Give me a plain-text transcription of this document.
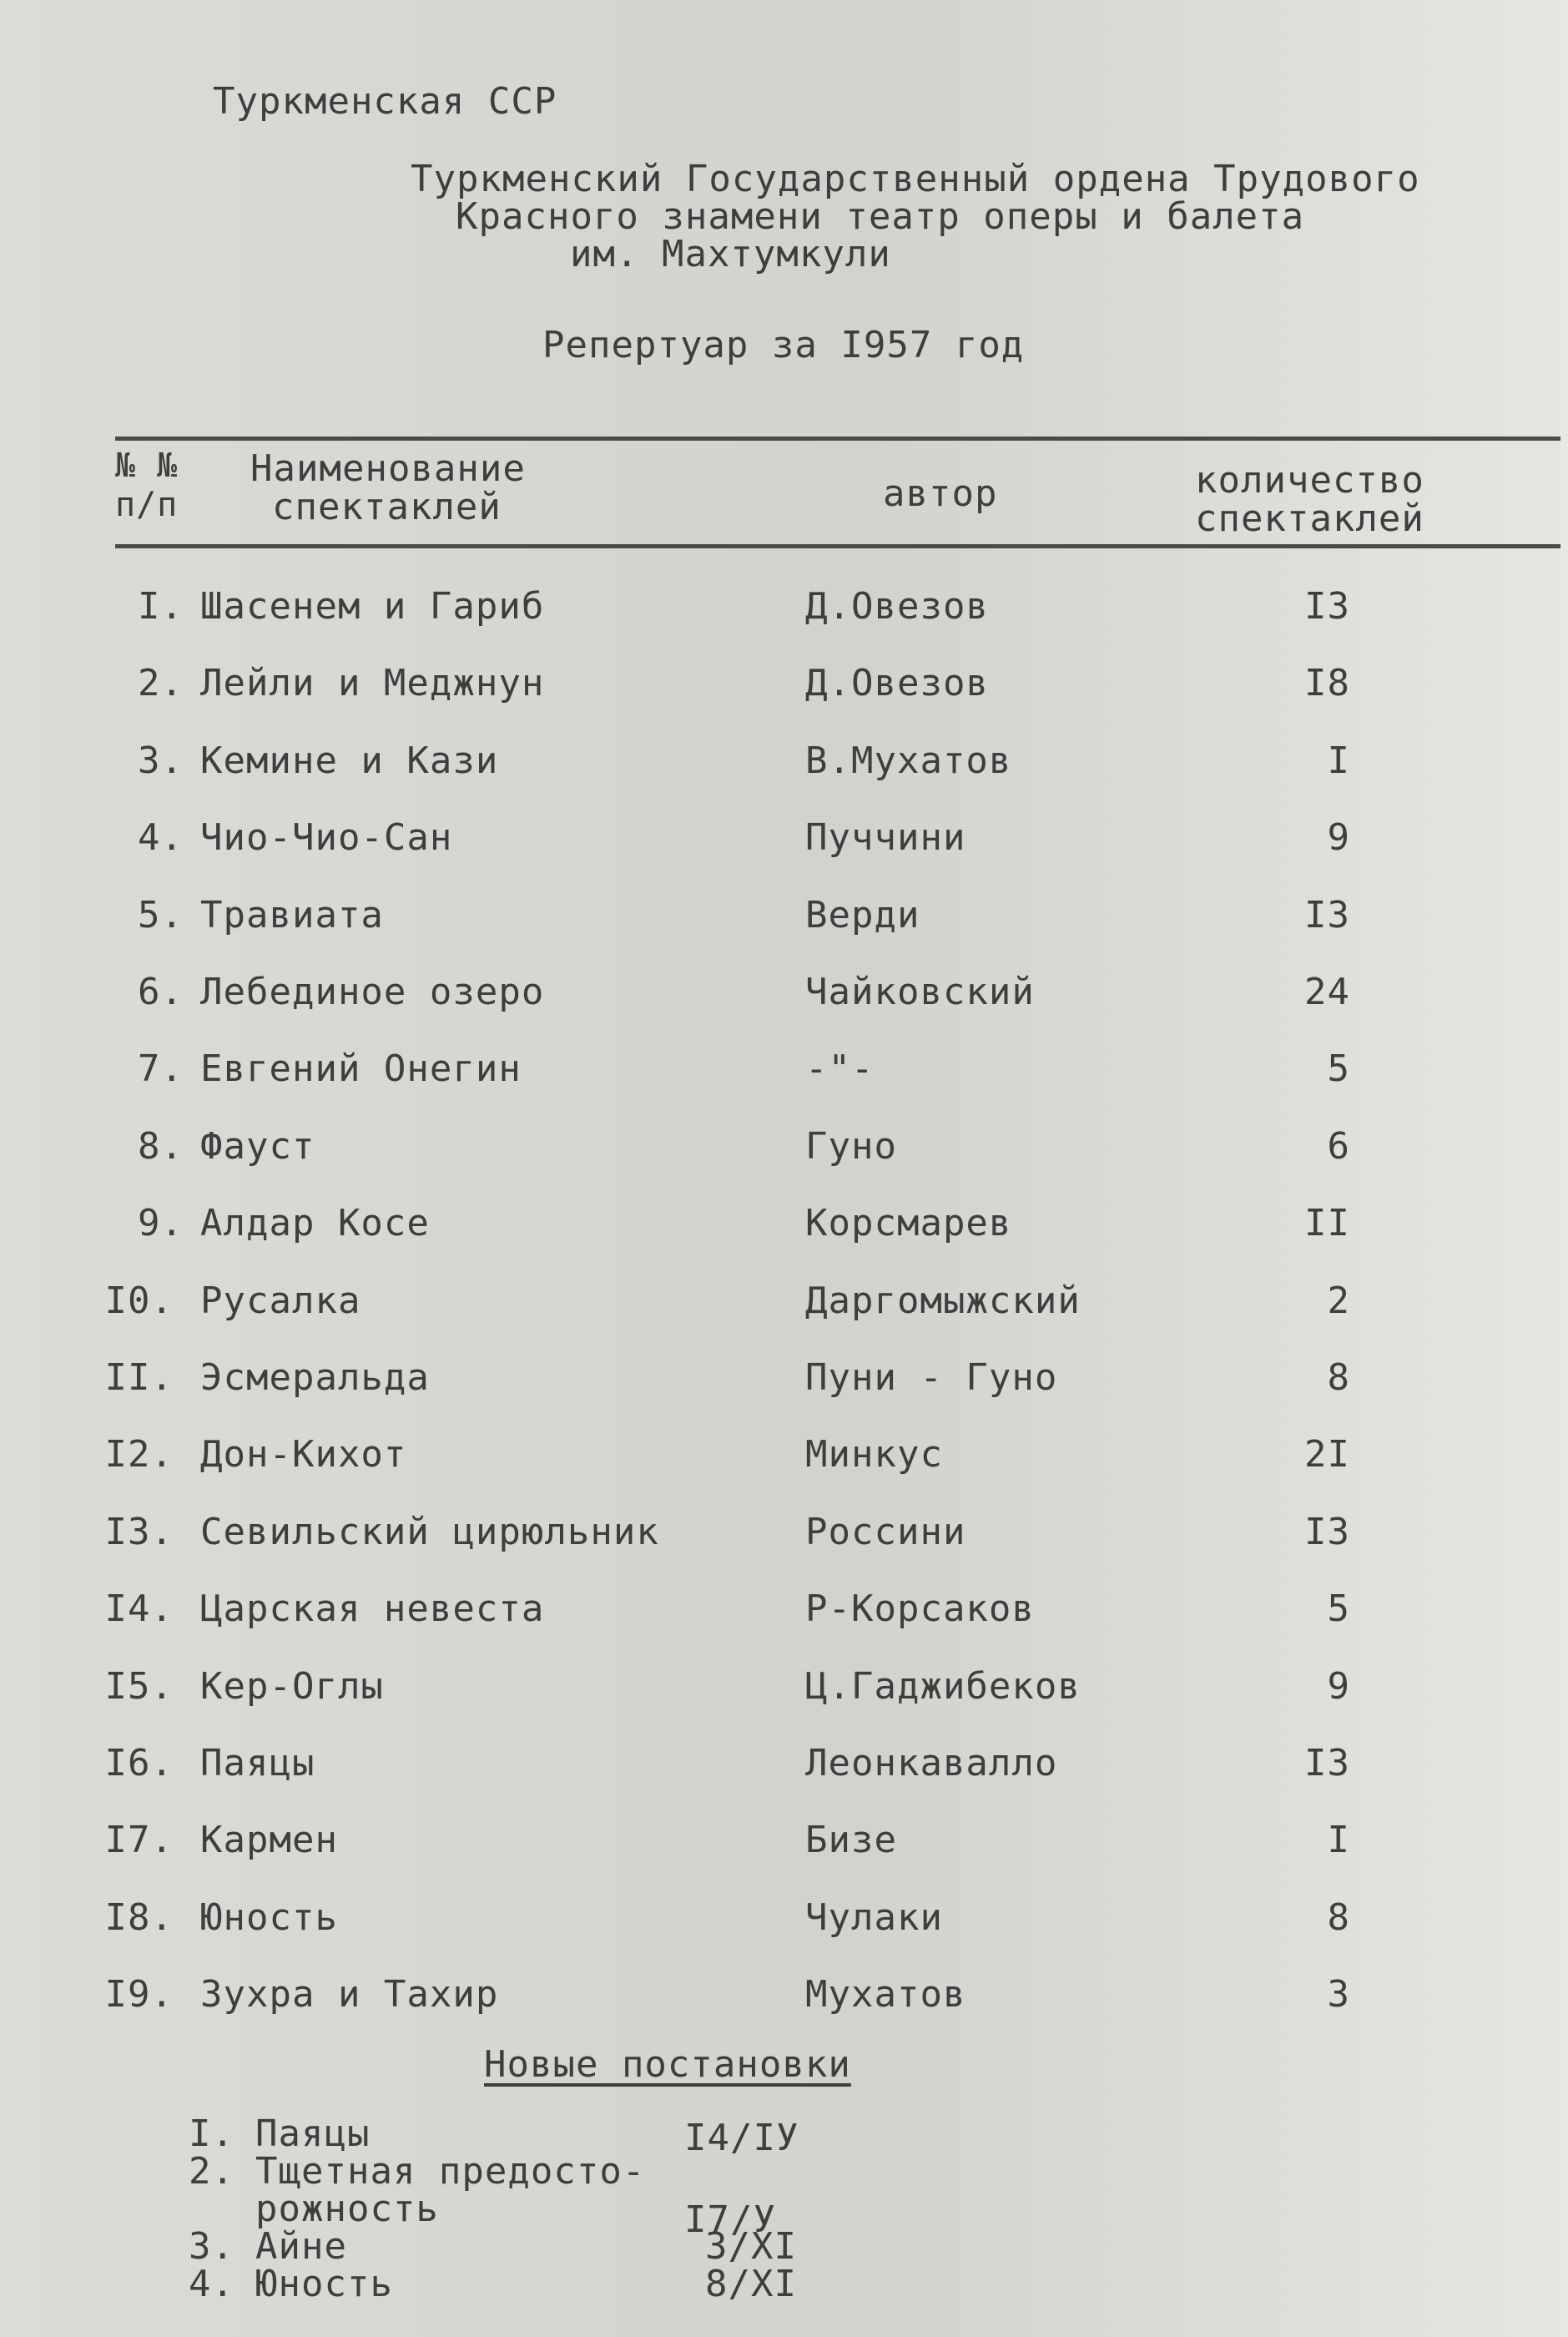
Туркменская ССР
Туркменский Государственный ордена Трудового
Красного знамени театр оперы и балета
им. Махтумкули
Репертуар за I957 год
№ №
п/п
Наименование
спектаклей	автор	количество
спектаклей
I. Шасенем и Гариб	Д.Овезов	I3
2. Лейли и Меджнун	Д.Овезов	I8
3. Кемине и Кази	В.Мухатов	I
4. Чио-Чио-Сан	Пуччини	9
5. Травиата	Верди	I3
6. Лебединое озеро	Чайковский	24
7. Евгений Онегин	-"-	5
8. Фауст	Гуно	6
9. Алдар Косе	Корсмарев	II
I0. Русалка	Даргомыжский	2
II. Эсмеральда	Пуни - Гуно	8
I2. Дон-Кихот	Минкус	2I
I3. Севильский цирюльник	Россини	I3
I4. Царская невеста	Р-Корсаков	5
I5. Кер-Оглы	Ц.Гаджибеков	9
I6. Паяцы	Леонкавалло	I3
I7. Кармен	Бизе	I
I8. Юность	Чулаки	8
I9. Зухра и Тахир	Мухатов	3
Новые постановки
I. Паяцы	I4/IУ
2. Тщетная предосто-
рожность	I7/У
3. Айне	3/XI
4. Юность	8/XI
